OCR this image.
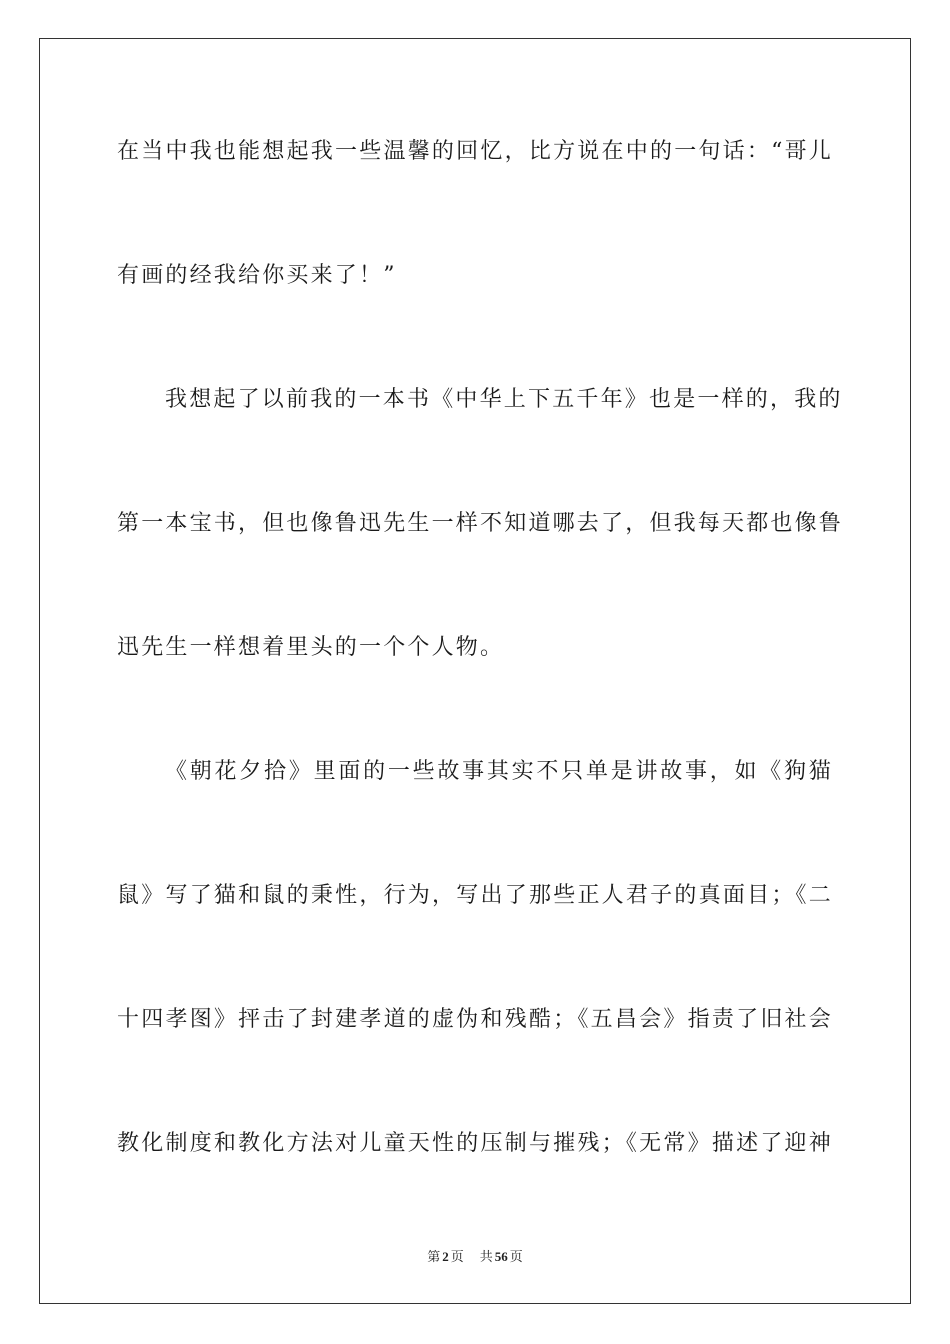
在当中我也能想起我一些温馨的回忆，比方说在中的一句话：“哥儿
有画的经我给你买来了！”
我想起了以前我的一本书《中华上下五千年》也是一样的，我的
第一本宝书，但也像鲁迅先生一样不知道哪去了，但我每天都也像鲁
迅先生一样想着里头的一个个人物。
《朝花夕拾》里面的一些故事其实不只单是讲故事，如《狗猫
鼠》写了猫和鼠的秉性，行为，写出了那些正人君子的真面目；《二
十四孝图》抨击了封建孝道的虚伪和残酷；《五昌会》指责了旧社会
教化制度和教化方法对儿童天性的压制与摧残；《无常》描述了迎神
第 2 页 共 56 页
